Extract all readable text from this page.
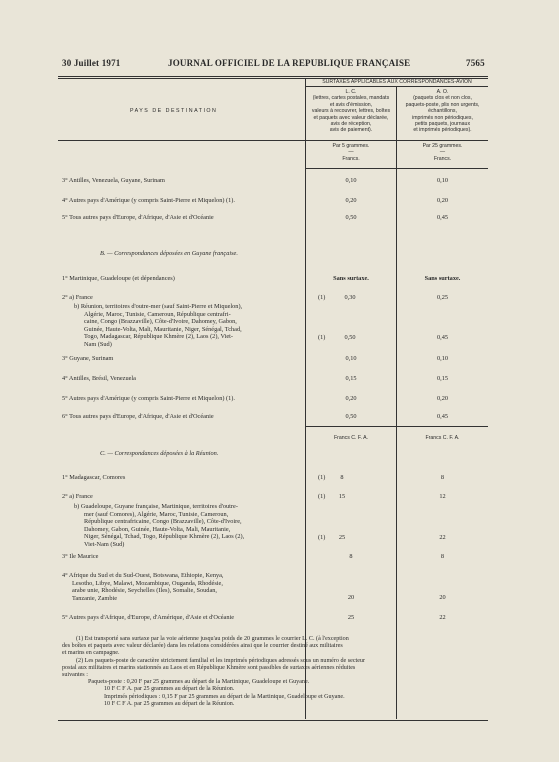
30 Juillet 1971	JOURNAL OFFICIEL DE LA REPUBLIQUE FRANÇAISE	7565
PAYS DE DESTINATION
SURTAXES APPLICABLES AUX CORRESPONDANCES-AVION
L. C.
(lettres, cartes postales, mandats
et avis d'émission,
valeurs à recouvrer, lettres, boîtes
et paquets avec valeur déclarée,
avis de réception,
avis de paiement).
A. O.
(paquets clos et non clos,
paquets-poste, plis non urgents,
échantillons,
imprimés non périodiques,
petits paquets, journaux
et imprimés périodiques).
Par 5 grammes.
—
Francs.
Par 25 grammes.
—
Francs.
3° Antilles, Venezuela, Guyane, Surinam	0,10	0,10
4° Autres pays d'Amérique (y compris Saint-Pierre et Miquelon) (1).	0,20	0,20
5° Tous autres pays d'Europe, d'Afrique, d'Asie et d'Océanie	0,50	0,45
B. — Correspondances déposées en Guyane française.
1° Martinique, Guadeloupe (et dépendances)	Sans surtaxe.	Sans surtaxe.
2° a) France	(1)	0,30	0,25
b) Réunion, territoires d'outre-mer (sauf Saint-Pierre et Miquelon),
Algérie, Maroc, Tunisie, Cameroun, République centrafri-
caine, Congo (Brazzaville), Côte-d'Ivoire, Dahomey, Gabon,
Guinée, Haute-Volta, Mali, Mauritanie, Niger, Sénégal, Tchad,
Togo, Madagascar, République Khmère (2), Laos (2), Viet-
Nam (Sud)
(1)	0,50	0,45
3° Guyane, Surinam	0,10	0,10
4° Antilles, Brésil, Venezuela	0,15	0,15
5° Autres pays d'Amérique (y compris Saint-Pierre et Miquelon) (1).	0,20	0,20
6° Tous autres pays d'Europe, d'Afrique, d'Asie et d'Océanie	0,50	0,45
Francs C. F. A.	Francs C. F. A.
C. — Correspondances déposées à la Réunion.
1° Madagascar, Comores	(1)	8	8
2° a) France	(1)	15	12
b) Guadeloupe, Guyane française, Martinique, territoires d'outre-
mer (sauf Comores), Algérie, Maroc, Tunisie, Cameroun,
République centrafricaine, Congo (Brazzaville), Côte-d'Ivoire,
Dahomey, Gabon, Guinée, Haute-Volta, Mali, Mauritanie,
Niger, Sénégal, Tchad, Togo, République Khmère (2), Laos (2),
Viet-Nam (Sud)
(1)	25	22
3° Ile Maurice	8	8
4° Afrique du Sud et du Sud-Ouest, Botswana, Ethiopie, Kenya,
Lesotho, Libye, Malawi, Mozambique, Ouganda, Rhodésie,
arabe unie, Rhodésie, Seychelles (Iles), Somalie, Soudan,
Tanzanie, Zambie	20	20
5° Autres pays d'Afrique, d'Europe, d'Amérique, d'Asie et d'Océanie	25	22
(1) Est transporté sans surtaxe par la voie aérienne jusqu'au poids de 20 grammes le courrier L. C. (à l'exception
des boîtes et paquets avec valeur déclarée) dans les relations considérées ainsi que le courrier destiné aux militaires
et marins en campagne.
(2) Les paquets-poste de caractère strictement familial et les imprimés périodiques adressés sous un numéro de secteur
postal aux militaires et marins stationnés au Laos et en République Khmère sont passibles de surtaxes aériennes réduites
suivantes :
Paquets-poste : 0,20 F par 25 grammes au départ de la Martinique, Guadeloupe et Guyane.
10 F C F A. par 25 grammes au départ de la Réunion.
Imprimés périodiques : 0,15 F par 25 grammes au départ de la Martinique, Guadeloupe et Guyane.
10 F C F A. par 25 grammes au départ de la Réunion.
